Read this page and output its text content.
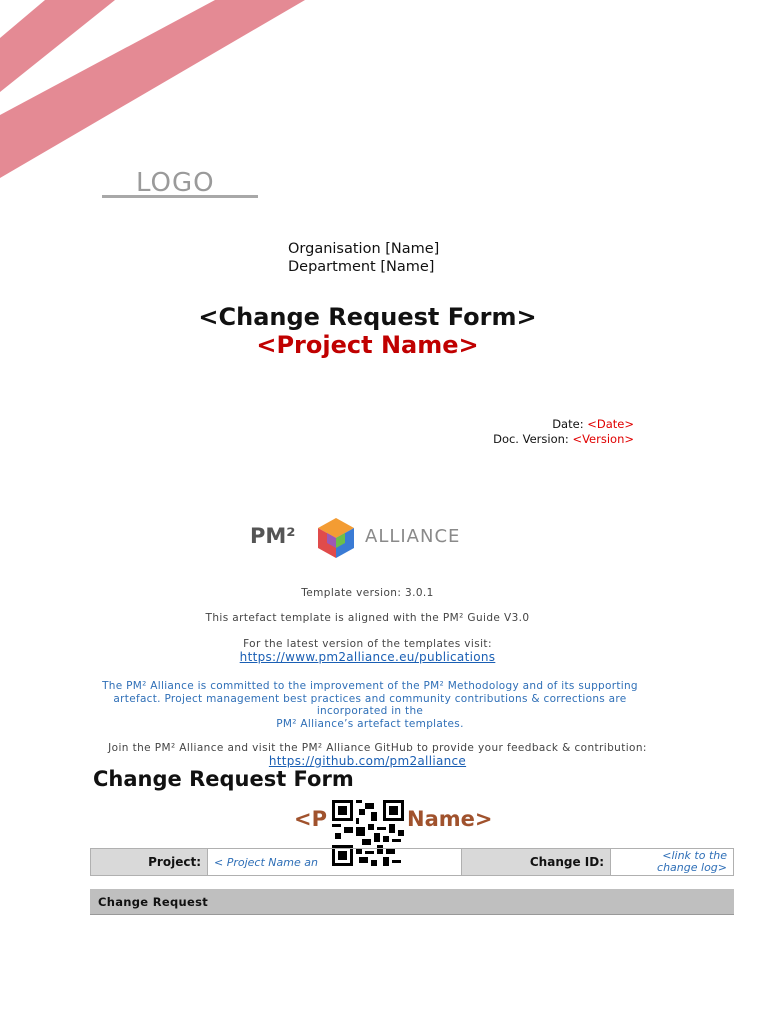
LOGO
Organisation [Name]
Department [Name]
<Change Request Form>
<Project Name>
Date: <Date>
Doc. Version: <Version>
PM²	ALLIANCE
Template version: 3.0.1
This artefact template is aligned with the PM² Guide V3.0
For the latest version of the templates visit:
https://www.pm2alliance.eu/publications
The PM² Alliance is committed to the improvement of the PM² Methodology and of its supporting
artefact. Project management best practices and community contributions & corrections are
incorporated in the
PM² Alliance’s artefact templates.
Join the PM² Alliance and visit the PM² Alliance GitHub to provide your feedback & contribution:
https://github.com/pm2alliance
Change Request Form
<P	Name>
Project:	< Project Name an	Change ID:	<link to the
change log>
Change Request
